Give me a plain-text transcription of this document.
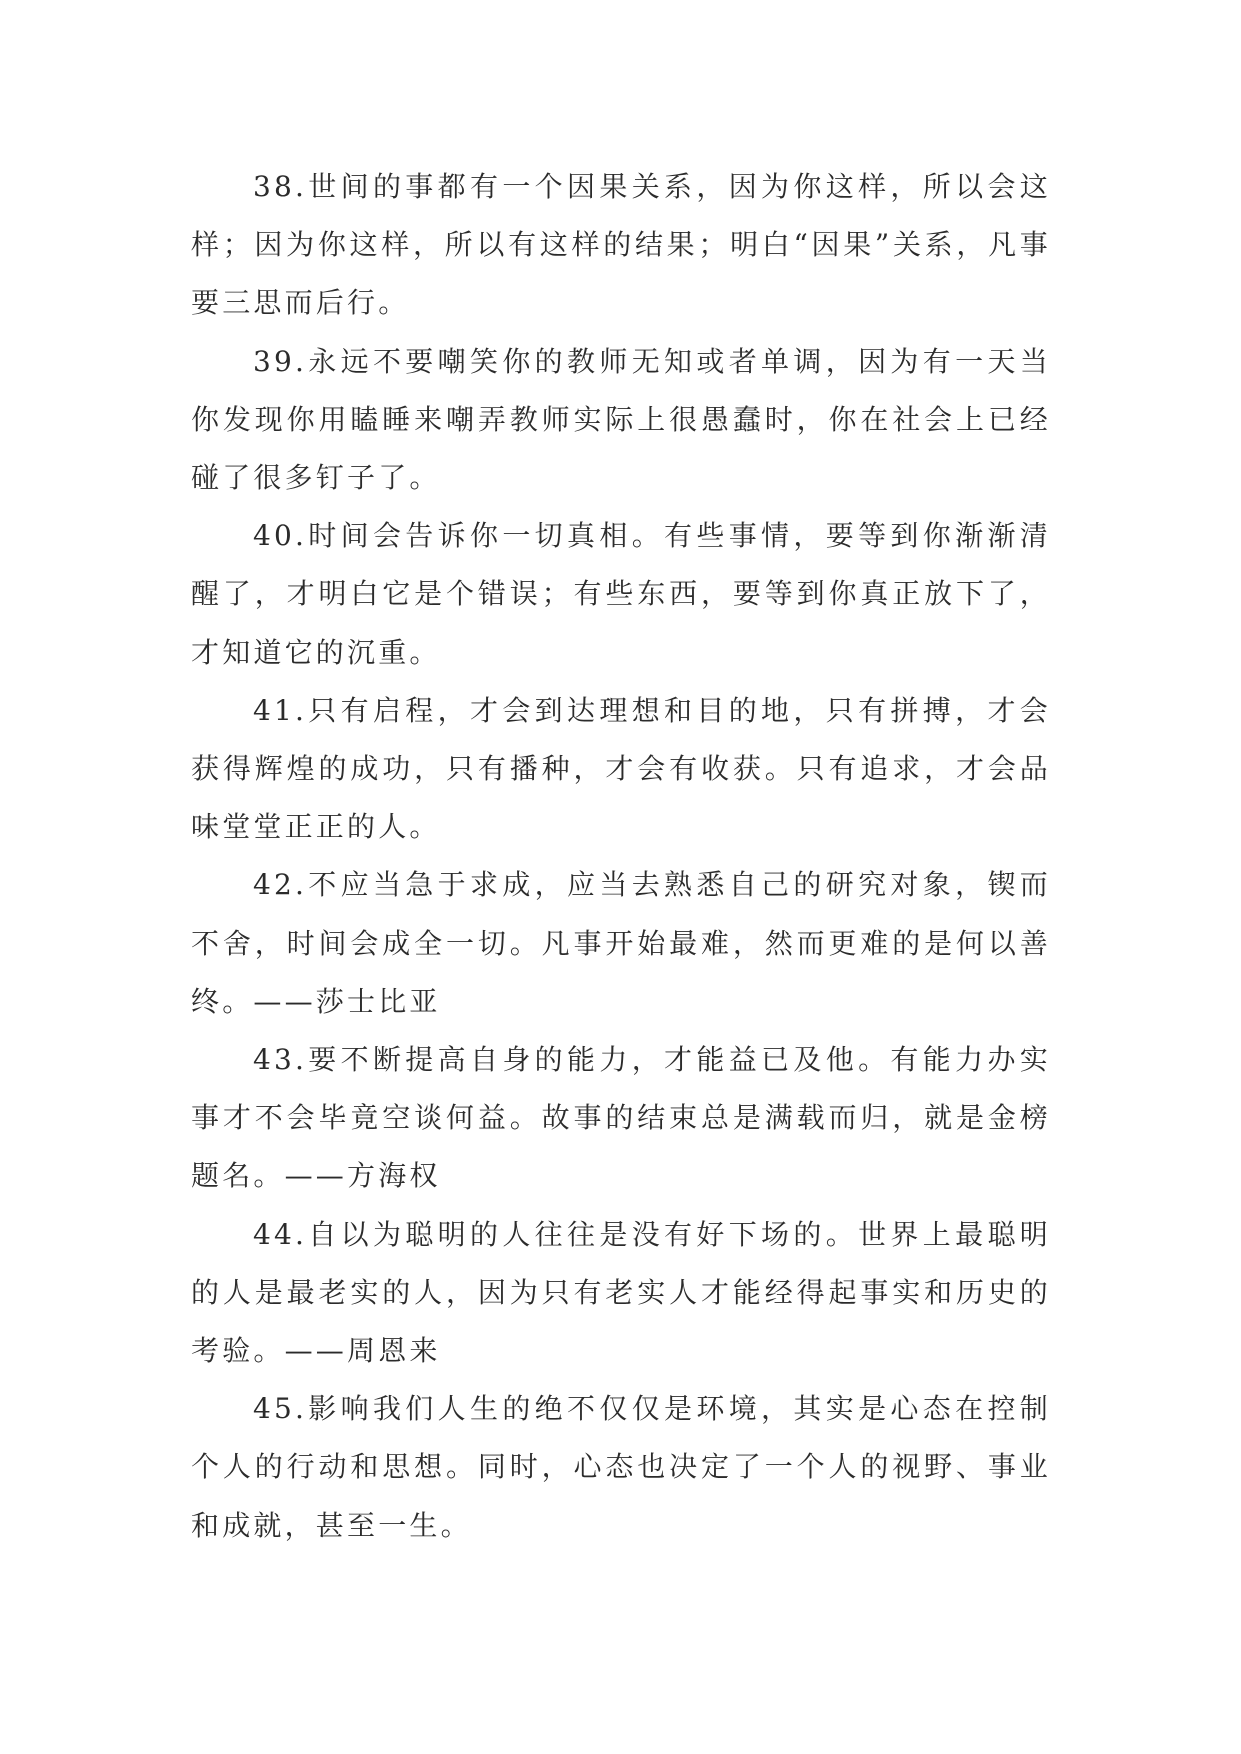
38.世间的事都有一个因果关系，因为你这样，所以会这样；因为你这样，所以有这样的结果；明白“因果”关系，凡事要三思而后行。

39.永远不要嘲笑你的教师无知或者单调，因为有一天当你发现你用瞌睡来嘲弄教师实际上很愚蠢时，你在社会上已经碰了很多钉子了。

40.时间会告诉你一切真相。有些事情，要等到你渐渐清醒了，才明白它是个错误；有些东西，要等到你真正放下了，才知道它的沉重。

41.只有启程，才会到达理想和目的地，只有拼搏，才会获得辉煌的成功，只有播种，才会有收获。只有追求，才会品味堂堂正正的人。

42.不应当急于求成，应当去熟悉自己的研究对象，锲而不舍，时间会成全一切。凡事开始最难，然而更难的是何以善终。——莎士比亚

43.要不断提高自身的能力，才能益已及他。有能力办实事才不会毕竟空谈何益。故事的结束总是满载而归，就是金榜题名。——方海权

44.自以为聪明的人往往是没有好下场的。世界上最聪明的人是最老实的人，因为只有老实人才能经得起事实和历史的考验。——周恩来

45.影响我们人生的绝不仅仅是环境，其实是心态在控制个人的行动和思想。同时，心态也决定了一个人的视野、事业和成就，甚至一生。
